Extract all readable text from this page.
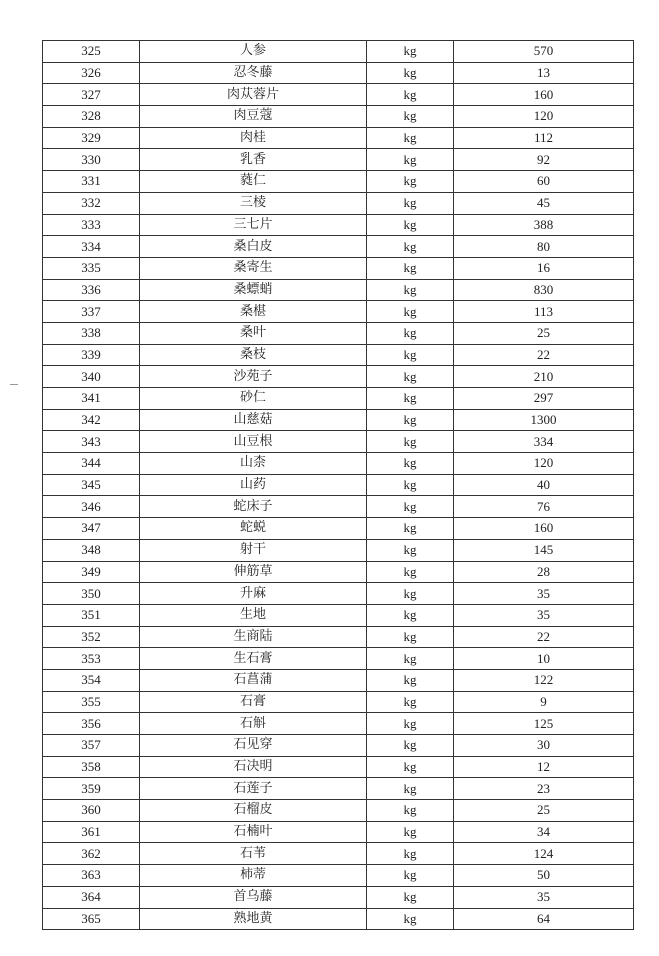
325	人参	kg	570
326	忍冬藤	kg	13
327	肉苁蓉片	kg	160
328	肉豆蔻	kg	120
329	肉桂	kg	112
330	乳香	kg	92
331	蕤仁	kg	60
332	三棱	kg	45
333	三七片	kg	388
334	桑白皮	kg	80
335	桑寄生	kg	16
336	桑螵蛸	kg	830
337	桑椹	kg	113
338	桑叶	kg	25
339	桑枝	kg	22
340	沙苑子	kg	210
341	砂仁	kg	297
342	山慈菇	kg	1300
343	山豆根	kg	334
344	山柰	kg	120
345	山药	kg	40
346	蛇床子	kg	76
347	蛇蜕	kg	160
348	射干	kg	145
349	伸筋草	kg	28
350	升麻	kg	35
351	生地	kg	35
352	生商陆	kg	22
353	生石膏	kg	10
354	石菖蒲	kg	122
355	石膏	kg	9
356	石斛	kg	125
357	石见穿	kg	30
358	石决明	kg	12
359	石莲子	kg	23
360	石榴皮	kg	25
361	石楠叶	kg	34
362	石苇	kg	124
363	柿蒂	kg	50
364	首乌藤	kg	35
365	熟地黄	kg	64
